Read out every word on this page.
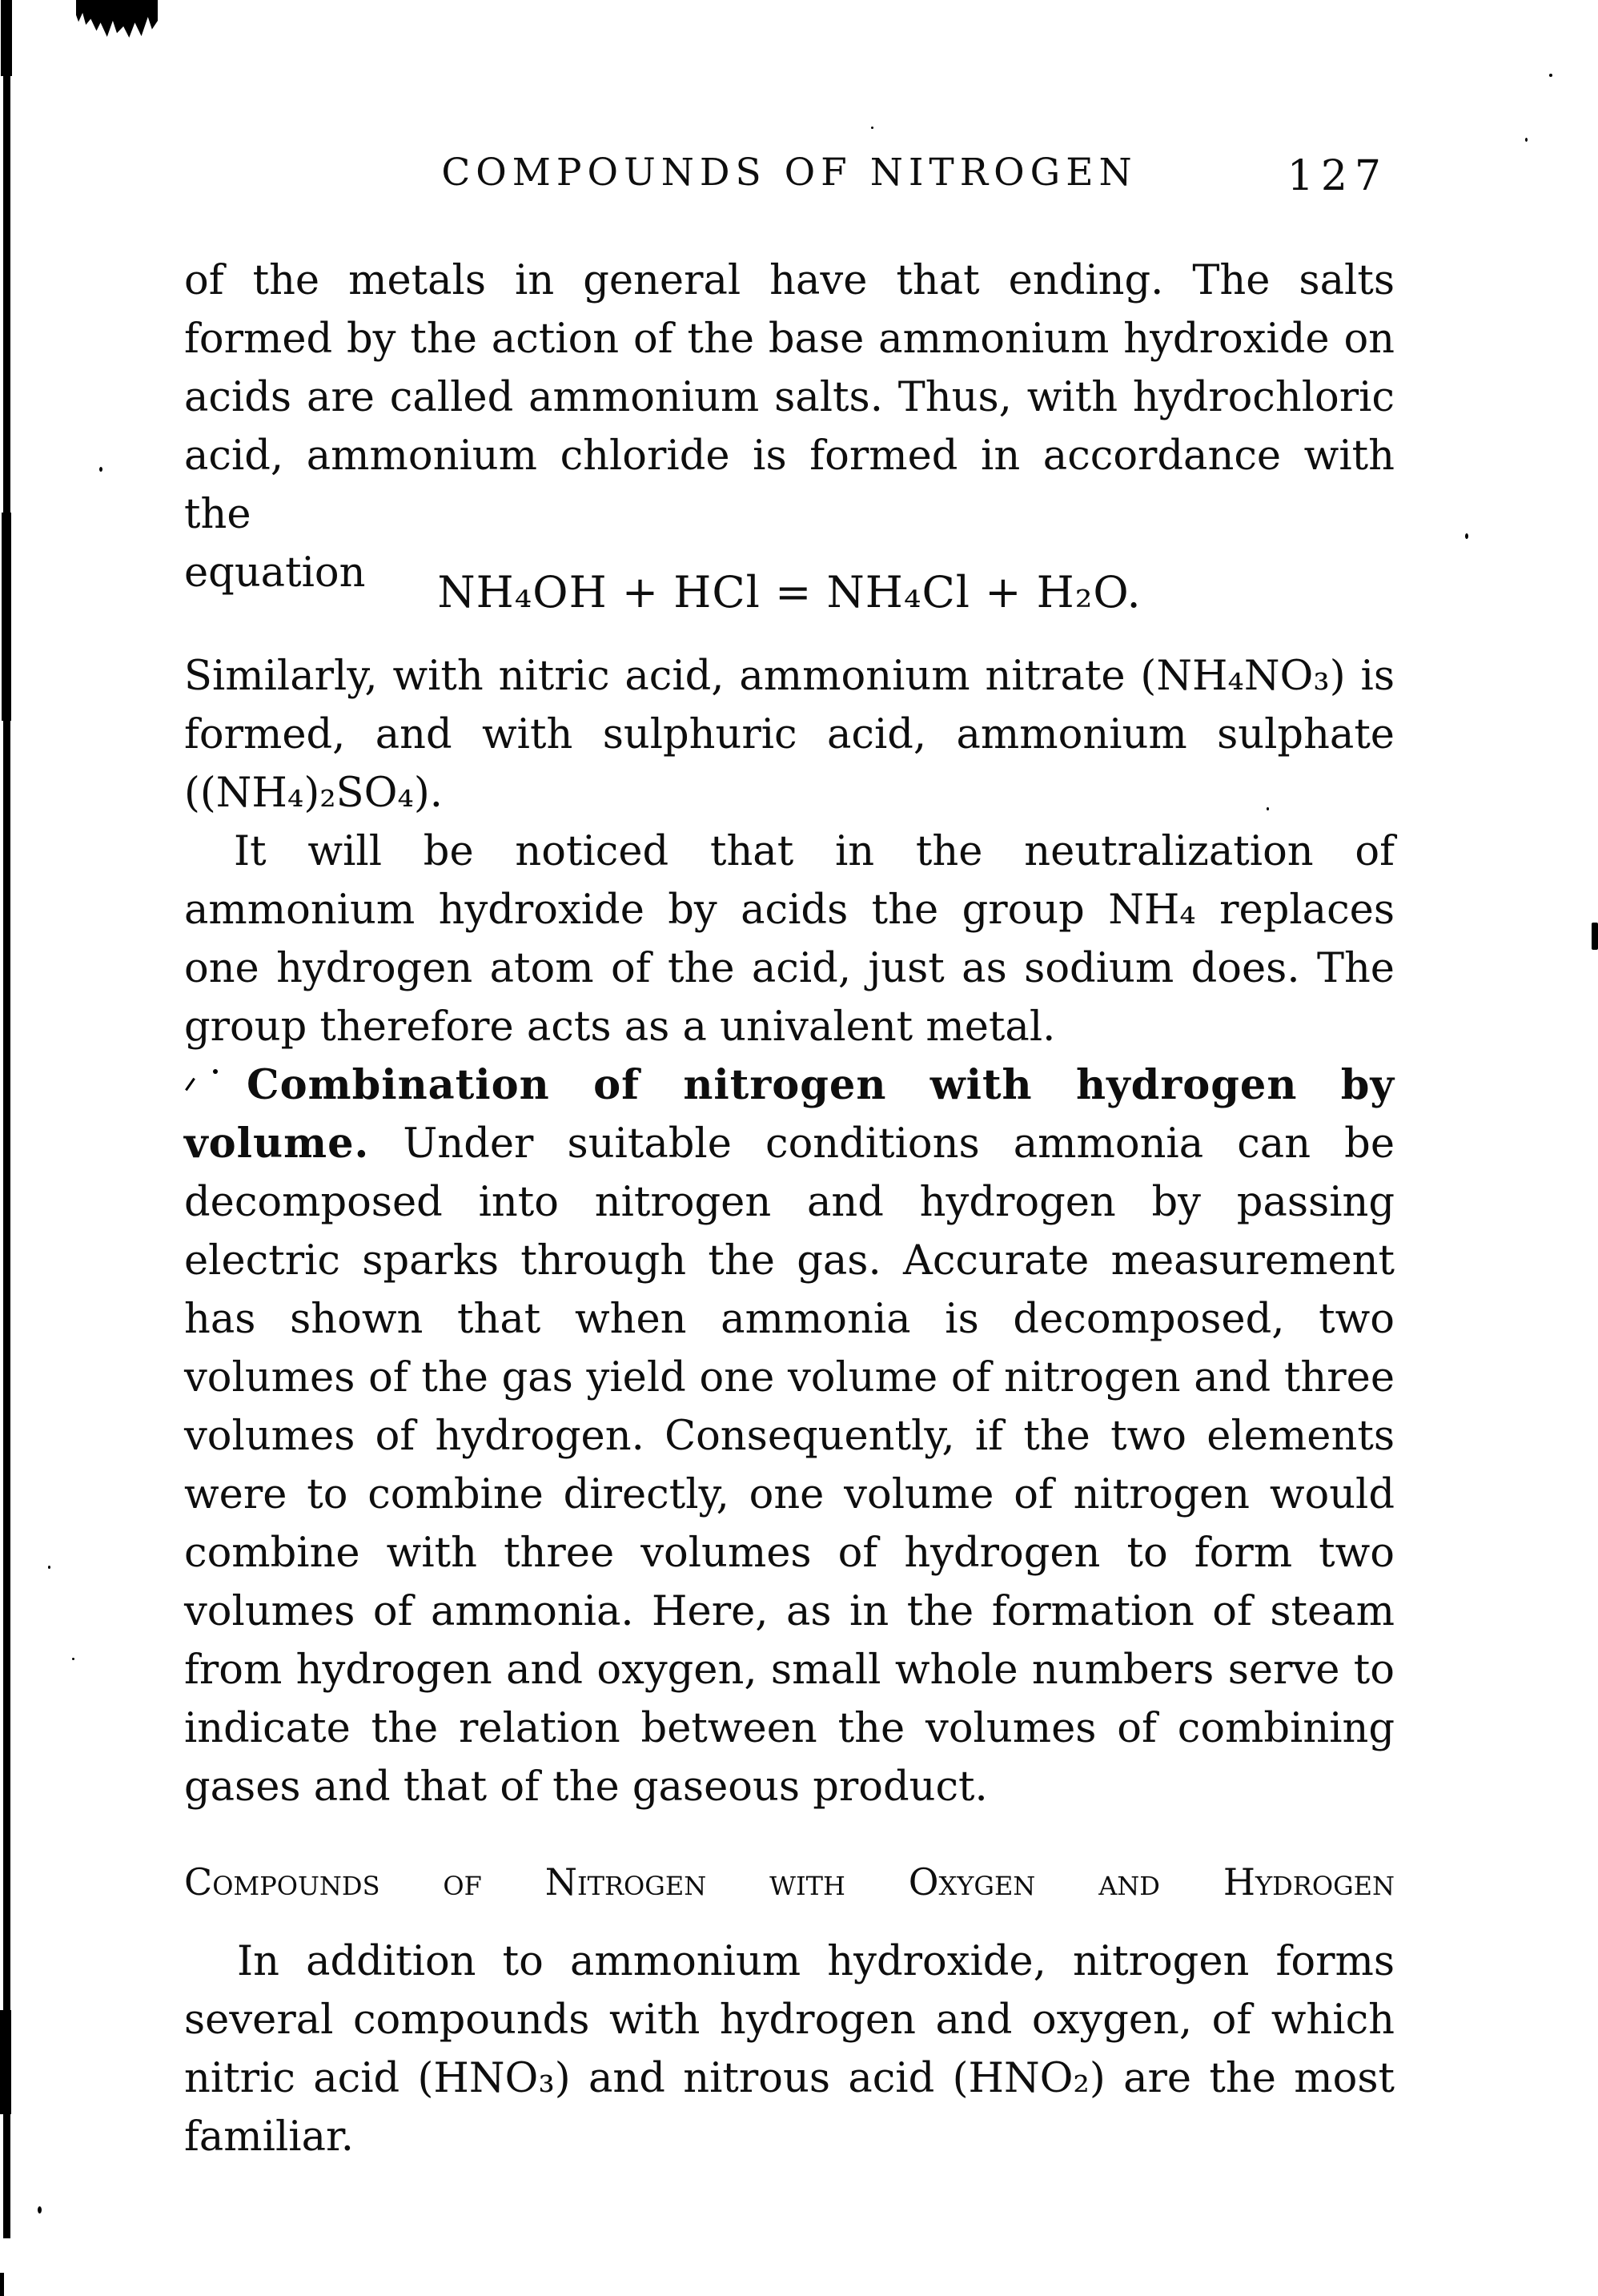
COMPOUNDS OF NITROGEN	127

of the metals in general have that ending. The salts formed by the action of the base ammonium hydroxide on acids are called ammonium salts. Thus, with hydrochloric acid, ammonium chloride is formed in accordance with the

equation	NH₄OH + HCl = NH₄Cl + H₂O.

Similarly, with nitric acid, ammonium nitrate (NH₄NO₃) is formed, and with sulphuric acid, ammonium sulphate ((NH₄)₂SO₄).

It will be noticed that in the neutralization of ammonium hydroxide by acids the group NH₄ replaces one hydrogen atom of the acid, just as sodium does. The group therefore acts as a univalent metal.

Combination of nitrogen with hydrogen by volume. Under suitable conditions ammonia can be decomposed into nitrogen and hydrogen by passing electric sparks through the gas. Accurate measurement has shown that when ammonia is decomposed, two volumes of the gas yield one volume of nitrogen and three volumes of hydrogen. Consequently, if the two elements were to combine directly, one volume of nitrogen would combine with three volumes of hydrogen to form two volumes of ammonia. Here, as in the formation of steam from hydrogen and oxygen, small whole numbers serve to indicate the relation between the volumes of combining gases and that of the gaseous product.

Compounds of Nitrogen with Oxygen and Hydrogen

In addition to ammonium hydroxide, nitrogen forms several compounds with hydrogen and oxygen, of which nitric acid (HNO₃) and nitrous acid (HNO₂) are the most familiar.
